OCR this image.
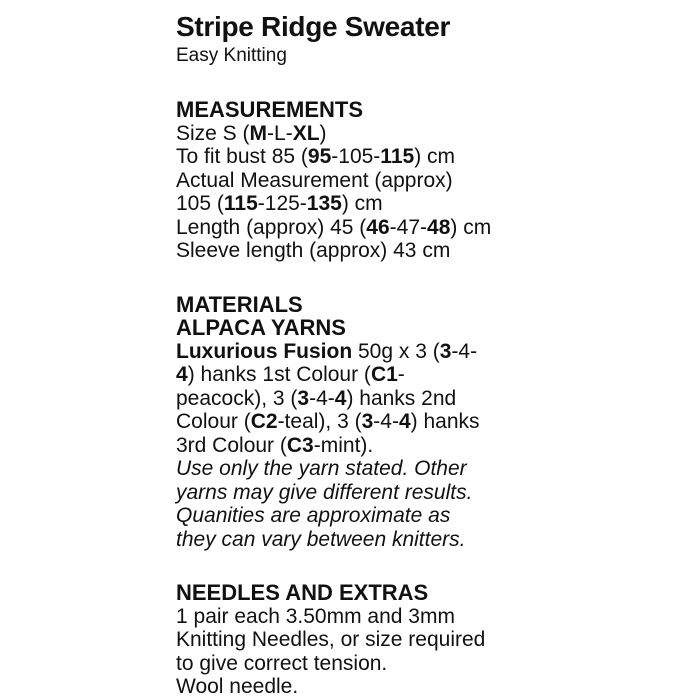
Stripe Ridge Sweater

Easy Knitting

MEASUREMENTS

Size S (M-L-XL)

To fit bust 85 (95-105-115) cm

Actual Measurement (approx)

105 (115-125-135) cm

Length (approx) 45 (46-47-48) cm

Sleeve length (approx) 43 cm

MATERIALS

ALPACA YARNS

Luxurious Fusion 50g x 3 (3-4-

4) hanks 1st Colour (C1-

peacock), 3 (3-4-4) hanks 2nd

Colour (C2-teal), 3 (3-4-4) hanks

3rd Colour (C3-mint).

Use only the yarn stated. Other

yarns may give different results.

Quanities are approximate as

they can vary between knitters.

NEEDLES AND EXTRAS

1 pair each 3.50mm and 3mm

Knitting Needles, or size required

to give correct tension.

Wool needle.
